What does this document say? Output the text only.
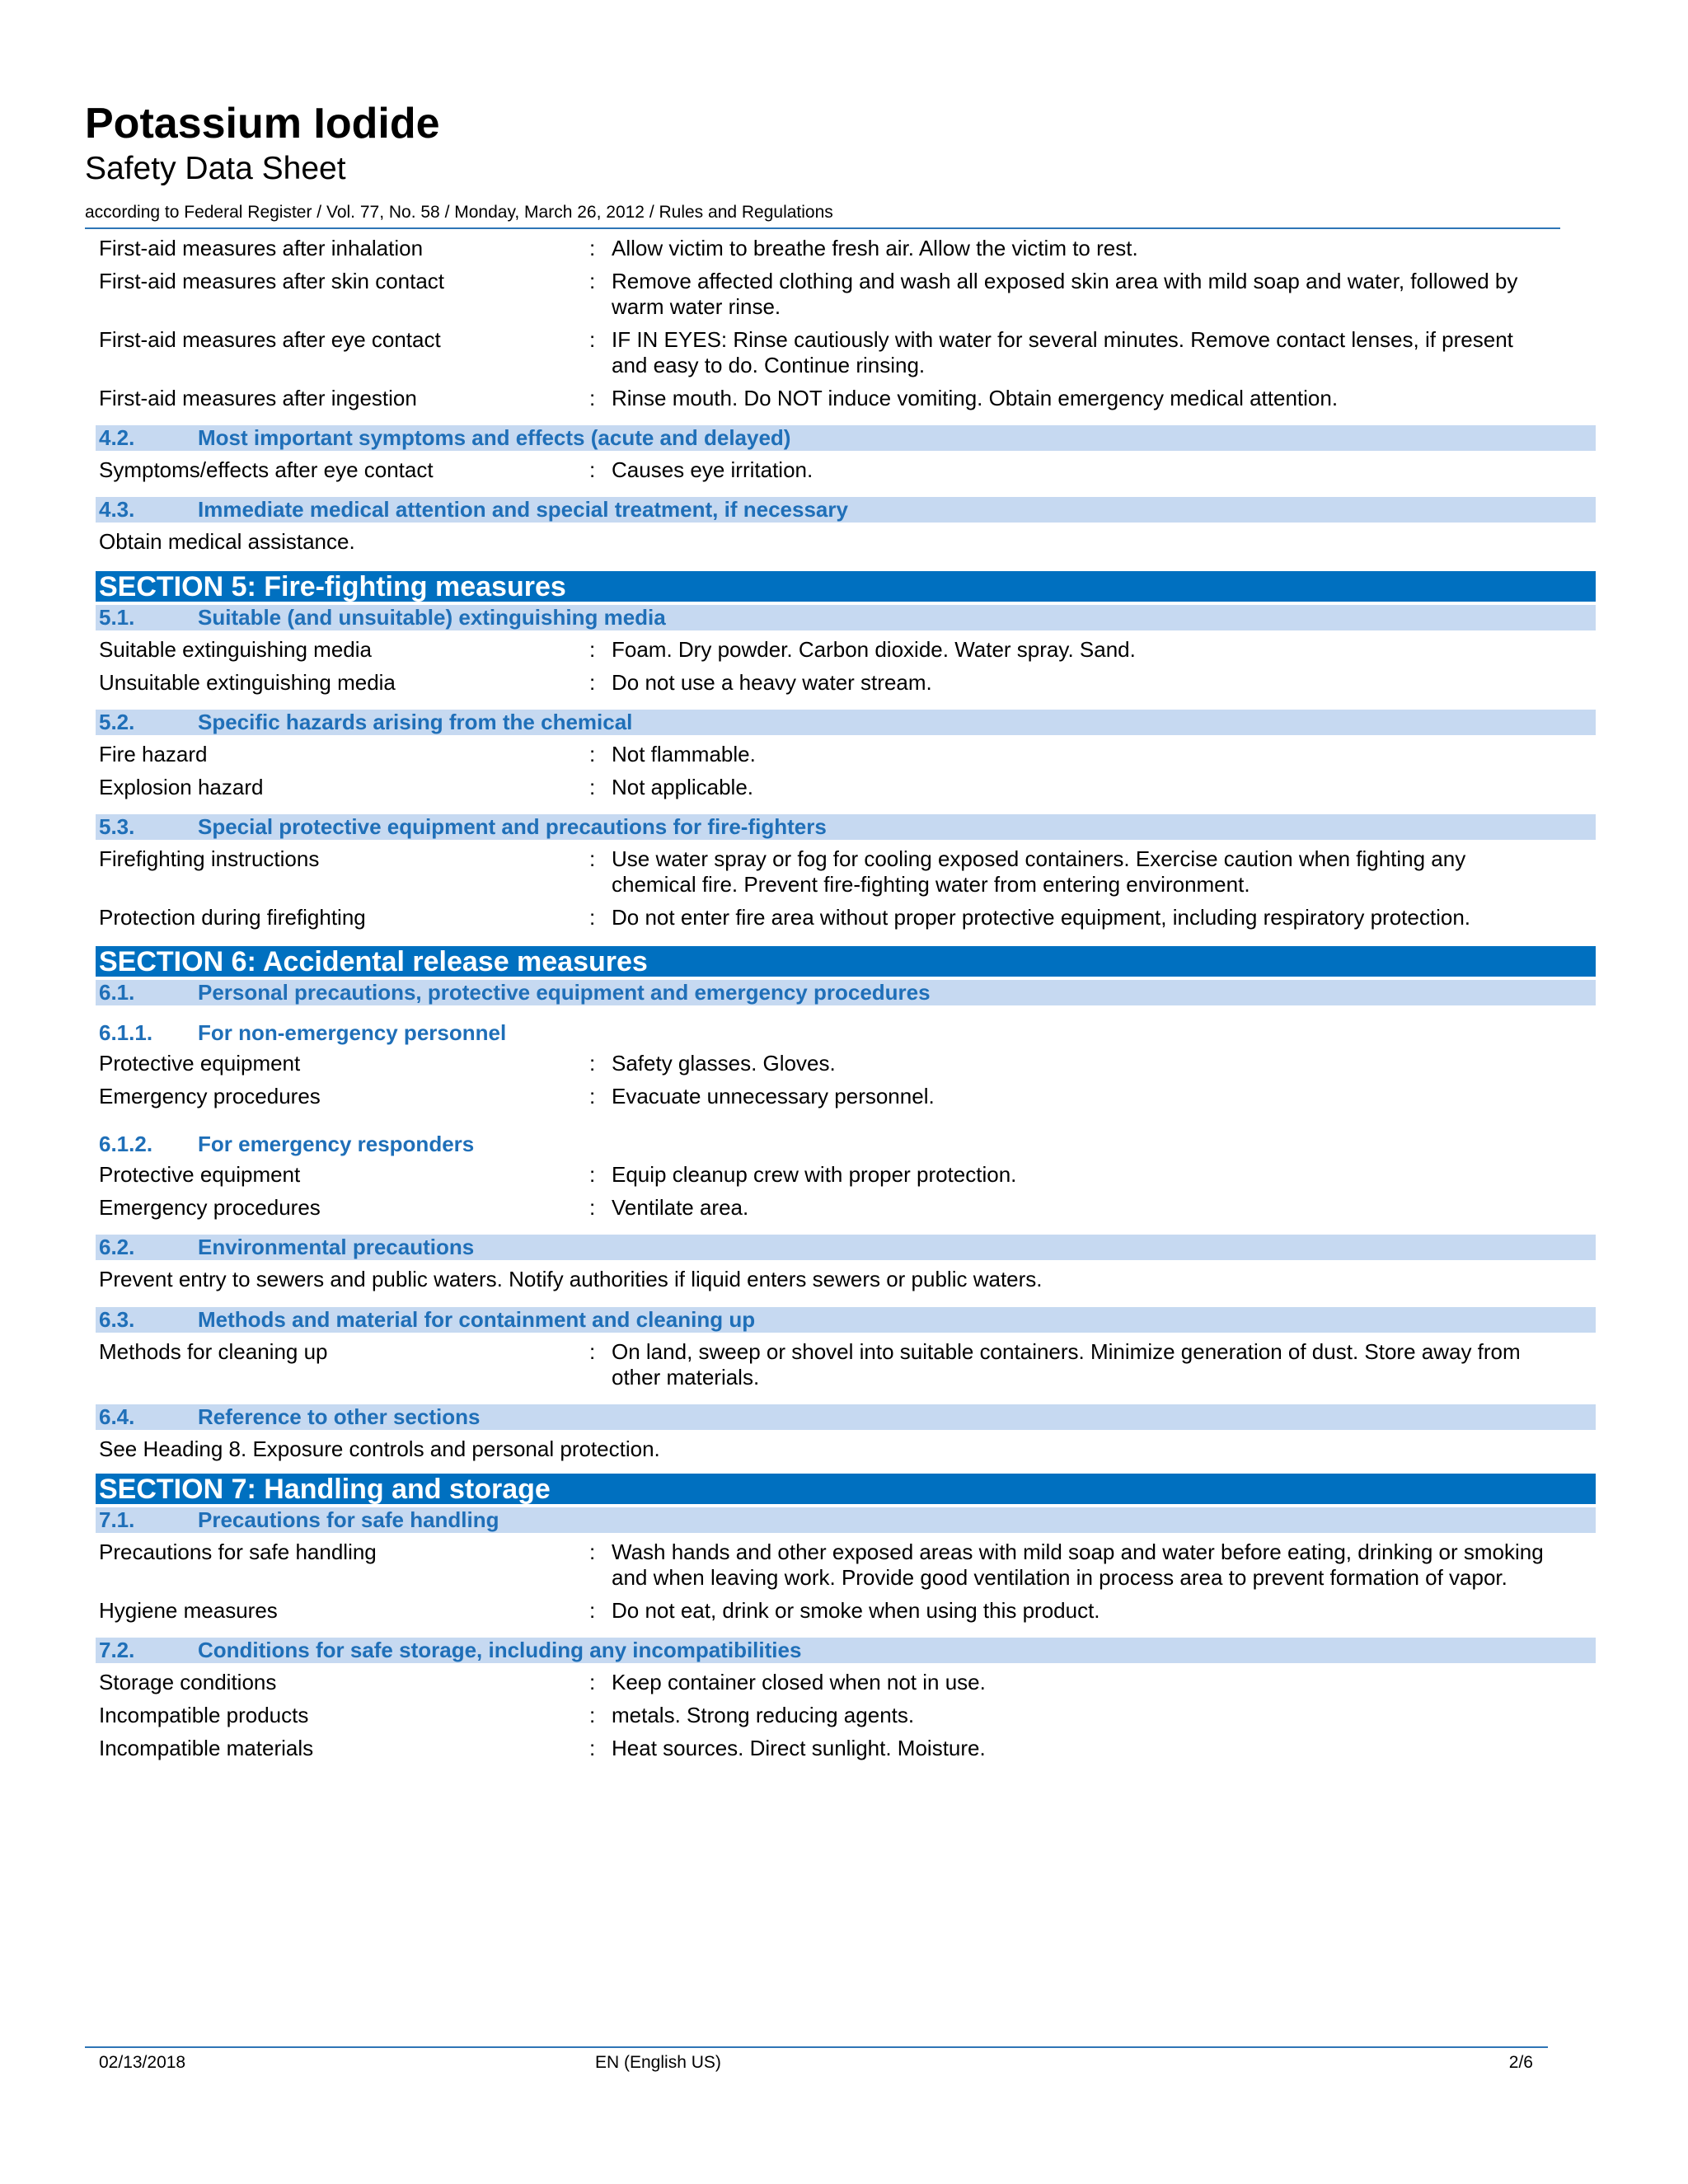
Potassium Iodide
Safety Data Sheet
according to Federal Register / Vol. 77, No. 58 / Monday, March 26, 2012 / Rules and Regulations
First-aid measures after inhalation	: Allow victim to breathe fresh air. Allow the victim to rest.
First-aid measures after skin contact	: Remove affected clothing and wash all exposed skin area with mild soap and water, followed by warm water rinse.
First-aid measures after eye contact	: IF IN EYES: Rinse cautiously with water for several minutes. Remove contact lenses, if present and easy to do. Continue rinsing.
First-aid measures after ingestion	: Rinse mouth. Do NOT induce vomiting. Obtain emergency medical attention.
4.2.	Most important symptoms and effects (acute and delayed)
Symptoms/effects after eye contact	: Causes eye irritation.
4.3.	Immediate medical attention and special treatment, if necessary
Obtain medical assistance.
SECTION 5: Fire-fighting measures
5.1.	Suitable (and unsuitable) extinguishing media
Suitable extinguishing media	: Foam. Dry powder. Carbon dioxide. Water spray. Sand.
Unsuitable extinguishing media	: Do not use a heavy water stream.
5.2.	Specific hazards arising from the chemical
Fire hazard	: Not flammable.
Explosion hazard	: Not applicable.
5.3.	Special protective equipment and precautions for fire-fighters
Firefighting instructions	: Use water spray or fog for cooling exposed containers. Exercise caution when fighting any chemical fire. Prevent fire-fighting water from entering environment.
Protection during firefighting	: Do not enter fire area without proper protective equipment, including respiratory protection.
SECTION 6: Accidental release measures
6.1.	Personal precautions, protective equipment and emergency procedures
6.1.1.	For non-emergency personnel
Protective equipment	: Safety glasses. Gloves.
Emergency procedures	: Evacuate unnecessary personnel.
6.1.2.	For emergency responders
Protective equipment	: Equip cleanup crew with proper protection.
Emergency procedures	: Ventilate area.
6.2.	Environmental precautions
Prevent entry to sewers and public waters. Notify authorities if liquid enters sewers or public waters.
6.3.	Methods and material for containment and cleaning up
Methods for cleaning up	: On land, sweep or shovel into suitable containers. Minimize generation of dust. Store away from other materials.
6.4.	Reference to other sections
See Heading 8. Exposure controls and personal protection.
SECTION 7: Handling and storage
7.1.	Precautions for safe handling
Precautions for safe handling	: Wash hands and other exposed areas with mild soap and water before eating, drinking or smoking and when leaving work. Provide good ventilation in process area to prevent formation of vapor.
Hygiene measures	: Do not eat, drink or smoke when using this product.
7.2.	Conditions for safe storage, including any incompatibilities
Storage conditions	: Keep container closed when not in use.
Incompatible products	: metals. Strong reducing agents.
Incompatible materials	: Heat sources. Direct sunlight. Moisture.
02/13/2018	EN (English US)	2/6
